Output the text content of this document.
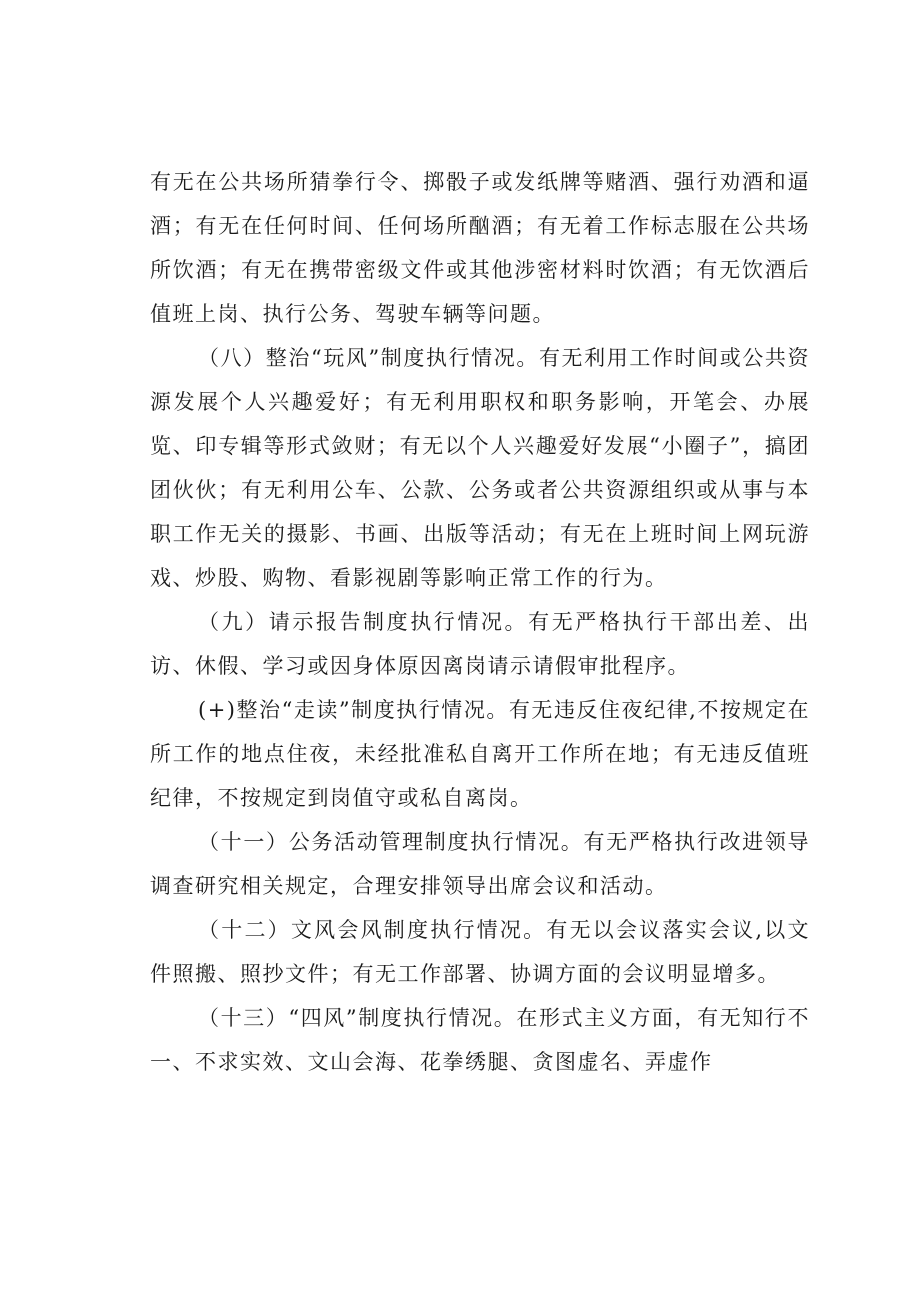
有无在公共场所猜拳行令、掷骰子或发纸牌等赌酒、强行劝酒和逼酒；有无在任何时间、任何场所酗酒；有无着工作标志服在公共场所饮酒；有无在携带密级文件或其他涉密材料时饮酒；有无饮酒后值班上岗、执行公务、驾驶车辆等问题。

（八）整治“玩风”制度执行情况。有无利用工作时间或公共资源发展个人兴趣爱好；有无利用职权和职务影响，开笔会、办展览、印专辑等形式敛财；有无以个人兴趣爱好发展“小圈子”，搞团团伙伙；有无利用公车、公款、公务或者公共资源组织或从事与本职工作无关的摄影、书画、出版等活动；有无在上班时间上网玩游戏、炒股、购物、看影视剧等影响正常工作的行为。

（九）请示报告制度执行情况。有无严格执行干部出差、出访、休假、学习或因身体原因离岗请示请假审批程序。

(+)整治“走读”制度执行情况。有无违反住夜纪律,不按规定在所工作的地点住夜，未经批准私自离开工作所在地；有无违反值班纪律，不按规定到岗值守或私自离岗。

（十一）公务活动管理制度执行情况。有无严格执行改进领导调查研究相关规定，合理安排领导出席会议和活动。

（十二）文风会风制度执行情况。有无以会议落实会议,以文件照搬、照抄文件；有无工作部署、协调方面的会议明显增多。

（十三）“四风”制度执行情况。在形式主义方面，有无知行不一、不求实效、文山会海、花拳绣腿、贪图虚名、弄虚作
